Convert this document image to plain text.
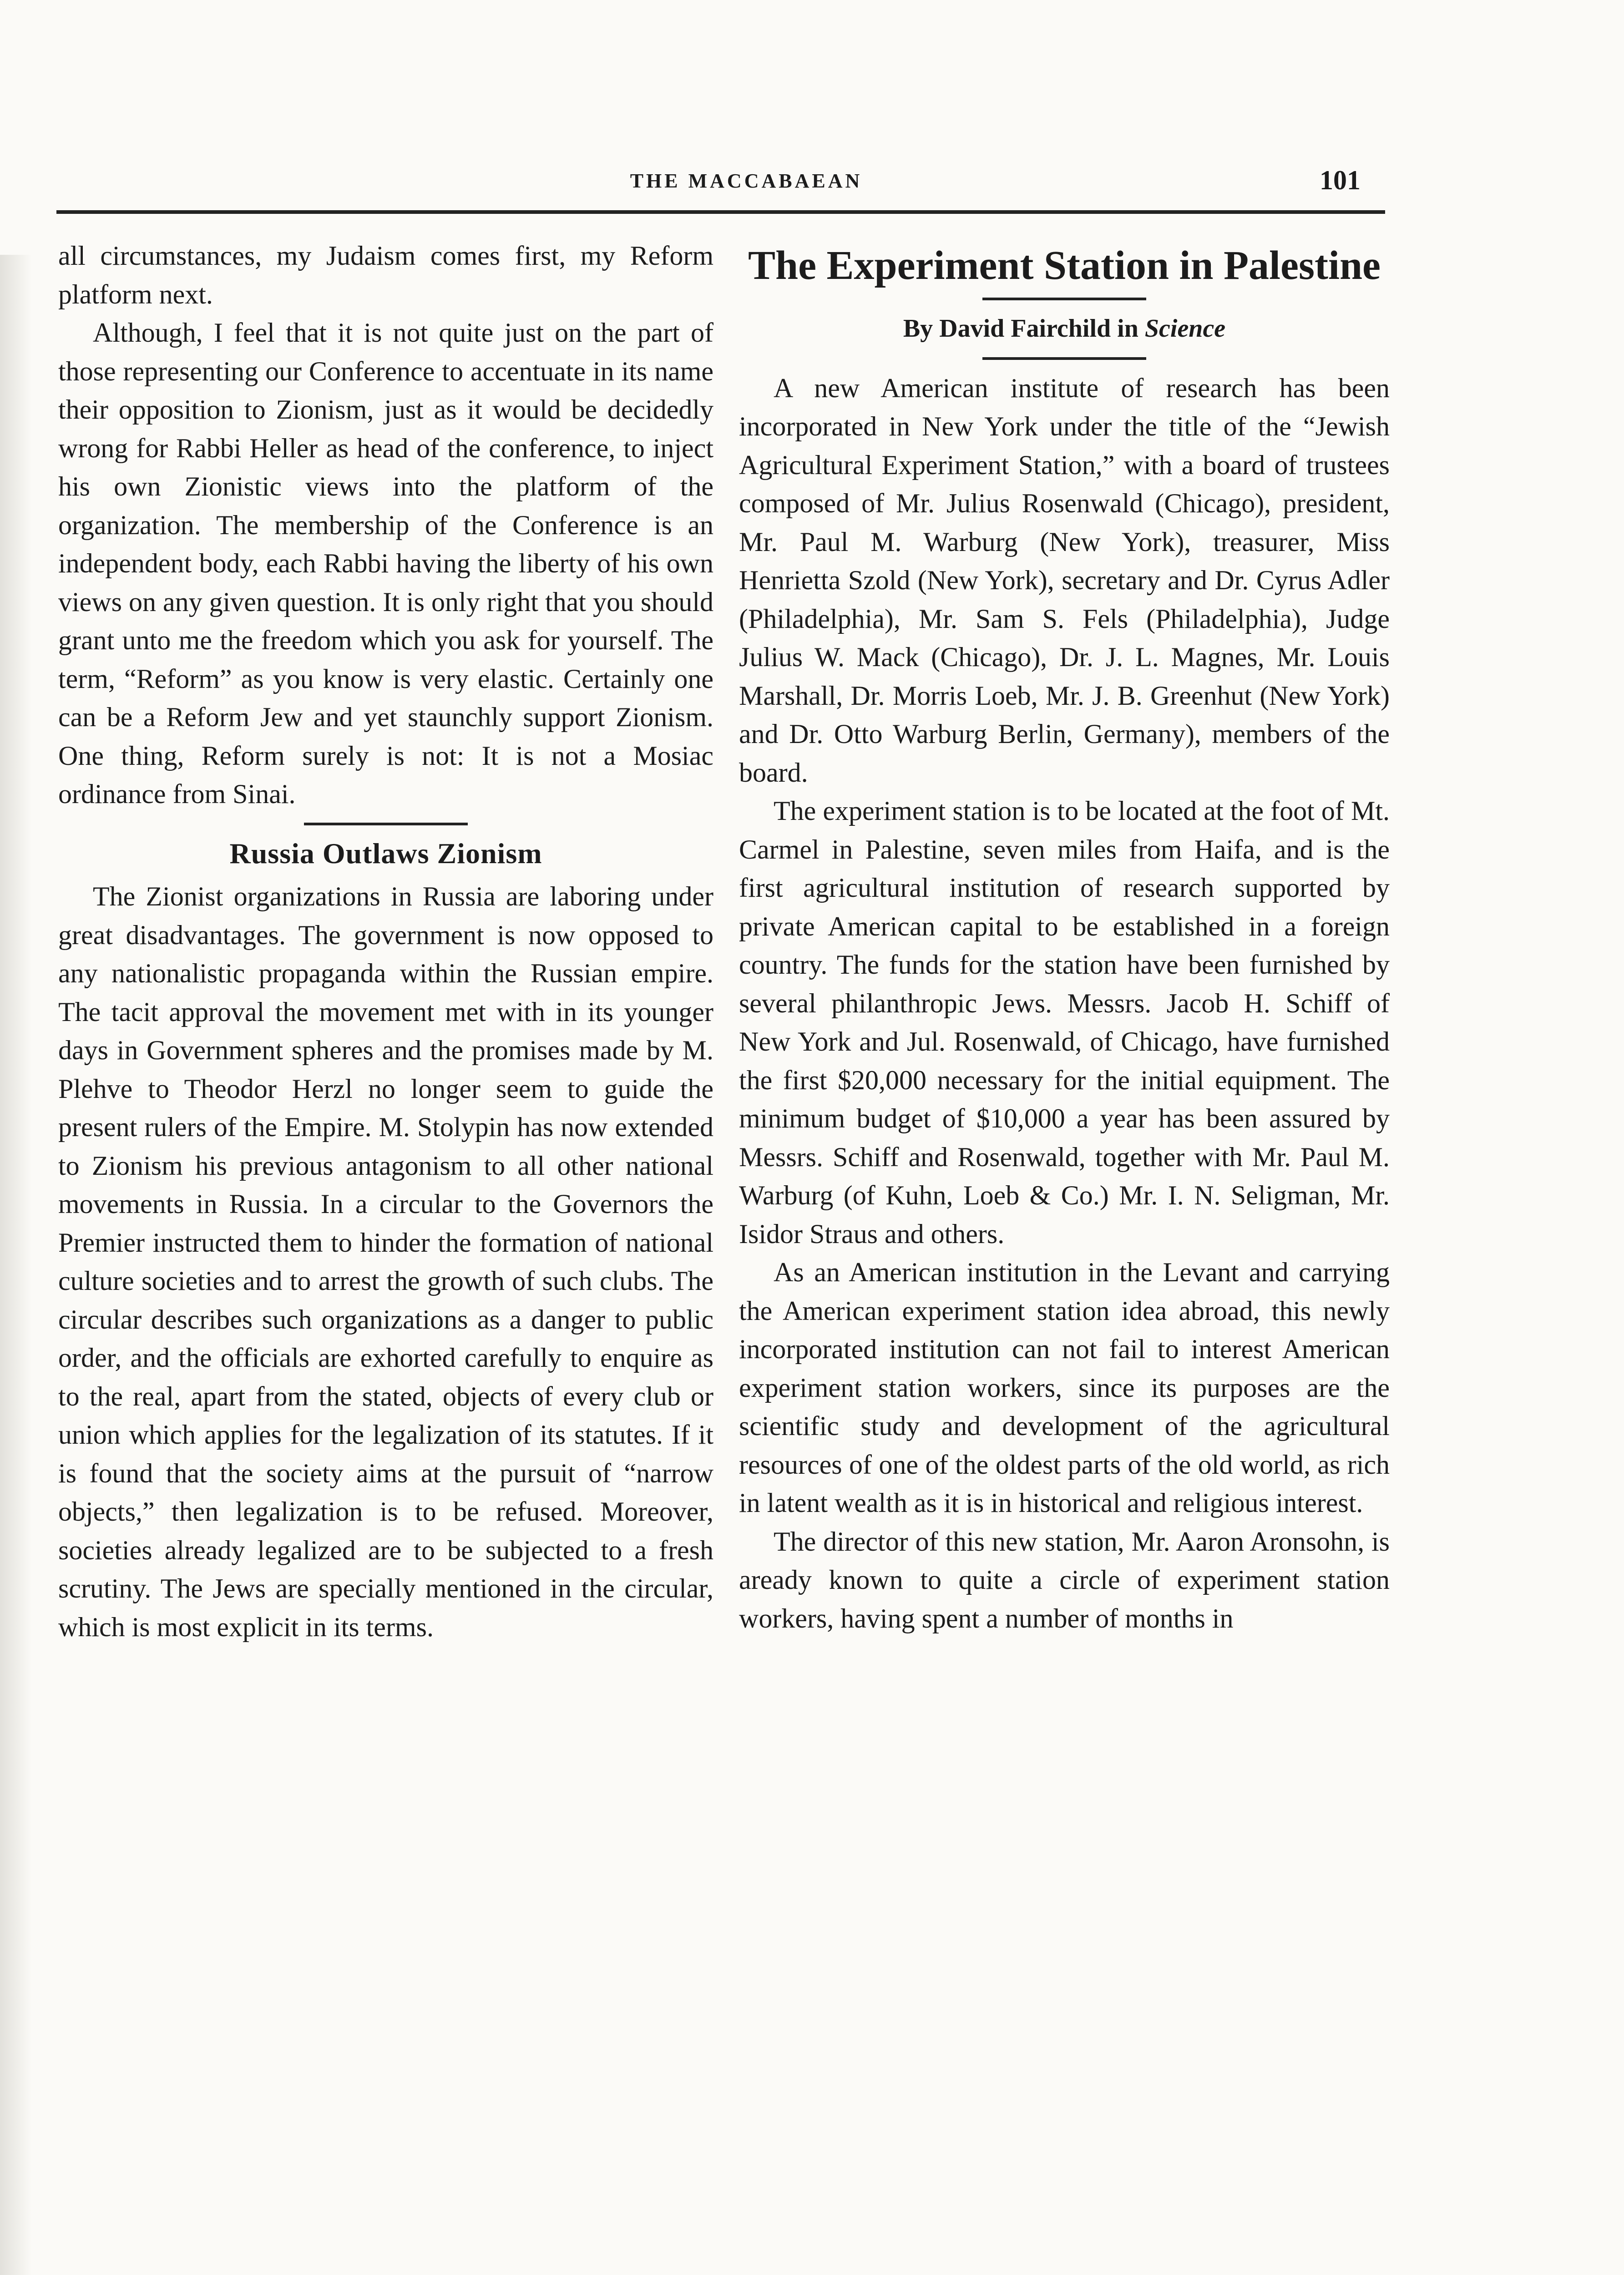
THE MACCABAEAN	101

all circumstances, my Judaism comes first, my Reform platform next.

Although, I feel that it is not quite just on the part of those representing our Conference to accentuate in its name their opposition to Zionism, just as it would be decidedly wrong for Rabbi Heller as head of the conference, to inject his own Zionistic views into the platform of the organization. The membership of the Conference is an independent body, each Rabbi having the liberty of his own views on any given question. It is only right that you should grant unto me the freedom which you ask for yourself. The term, “Reform” as you know is very elastic. Certainly one can be a Reform Jew and yet staunchly support Zionism. One thing, Reform surely is not: It is not a Mosiac ordinance from Sinai.

Russia Outlaws Zionism

The Zionist organizations in Russia are laboring under great disadvantages. The government is now opposed to any nationalistic propaganda within the Russian empire. The tacit approval the movement met with in its younger days in Government spheres and the promises made by M. Plehve to Theodor Herzl no longer seem to guide the present rulers of the Empire. M. Stolypin has now extended to Zionism his previous antagonism to all other national movements in Russia. In a circular to the Governors the Premier instructed them to hinder the formation of national culture societies and to arrest the growth of such clubs. The circular describes such organizations as a danger to public order, and the officials are exhorted carefully to enquire as to the real, apart from the stated, objects of every club or union which applies for the legalization of its statutes. If it is found that the society aims at the pursuit of “narrow objects,” then legalization is to be refused. Moreover, societies already legalized are to be subjected to a fresh scrutiny. The Jews are specially mentioned in the circular, which is most explicit in its terms.

The Experiment Station in Palestine
By David Fairchild in Science

A new American institute of research has been incorporated in New York under the title of the “Jewish Agricultural Experiment Station,” with a board of trustees composed of Mr. Julius Rosenwald (Chicago), president, Mr. Paul M. Warburg (New York), treasurer, Miss Henrietta Szold (New York), secretary and Dr. Cyrus Adler (Philadelphia), Mr. Sam S. Fels (Philadelphia), Judge Julius W. Mack (Chicago), Dr. J. L. Magnes, Mr. Louis Marshall, Dr. Morris Loeb, Mr. J. B. Greenhut (New York) and Dr. Otto Warburg Berlin, Germany), members of the board.

The experiment station is to be located at the foot of Mt. Carmel in Palestine, seven miles from Haifa, and is the first agricultural institution of research supported by private American capital to be established in a foreign country. The funds for the station have been furnished by several philanthropic Jews. Messrs. Jacob H. Schiff of New York and Jul. Rosenwald, of Chicago, have furnished the first $20,000 necessary for the initial equipment. The minimum budget of $10,000 a year has been assured by Messrs. Schiff and Rosenwald, together with Mr. Paul M. Warburg (of Kuhn, Loeb & Co.) Mr. I. N. Seligman, Mr. Isidor Straus and others.

As an American institution in the Levant and carrying the American experiment station idea abroad, this newly incorporated institution can not fail to interest American experiment station workers, since its purposes are the scientific study and development of the agricultural resources of one of the oldest parts of the old world, as rich in latent wealth as it is in historical and religious interest.

The director of this new station, Mr. Aaron Aronsohn, is aready known to quite a circle of experiment station workers, having spent a number of months in
